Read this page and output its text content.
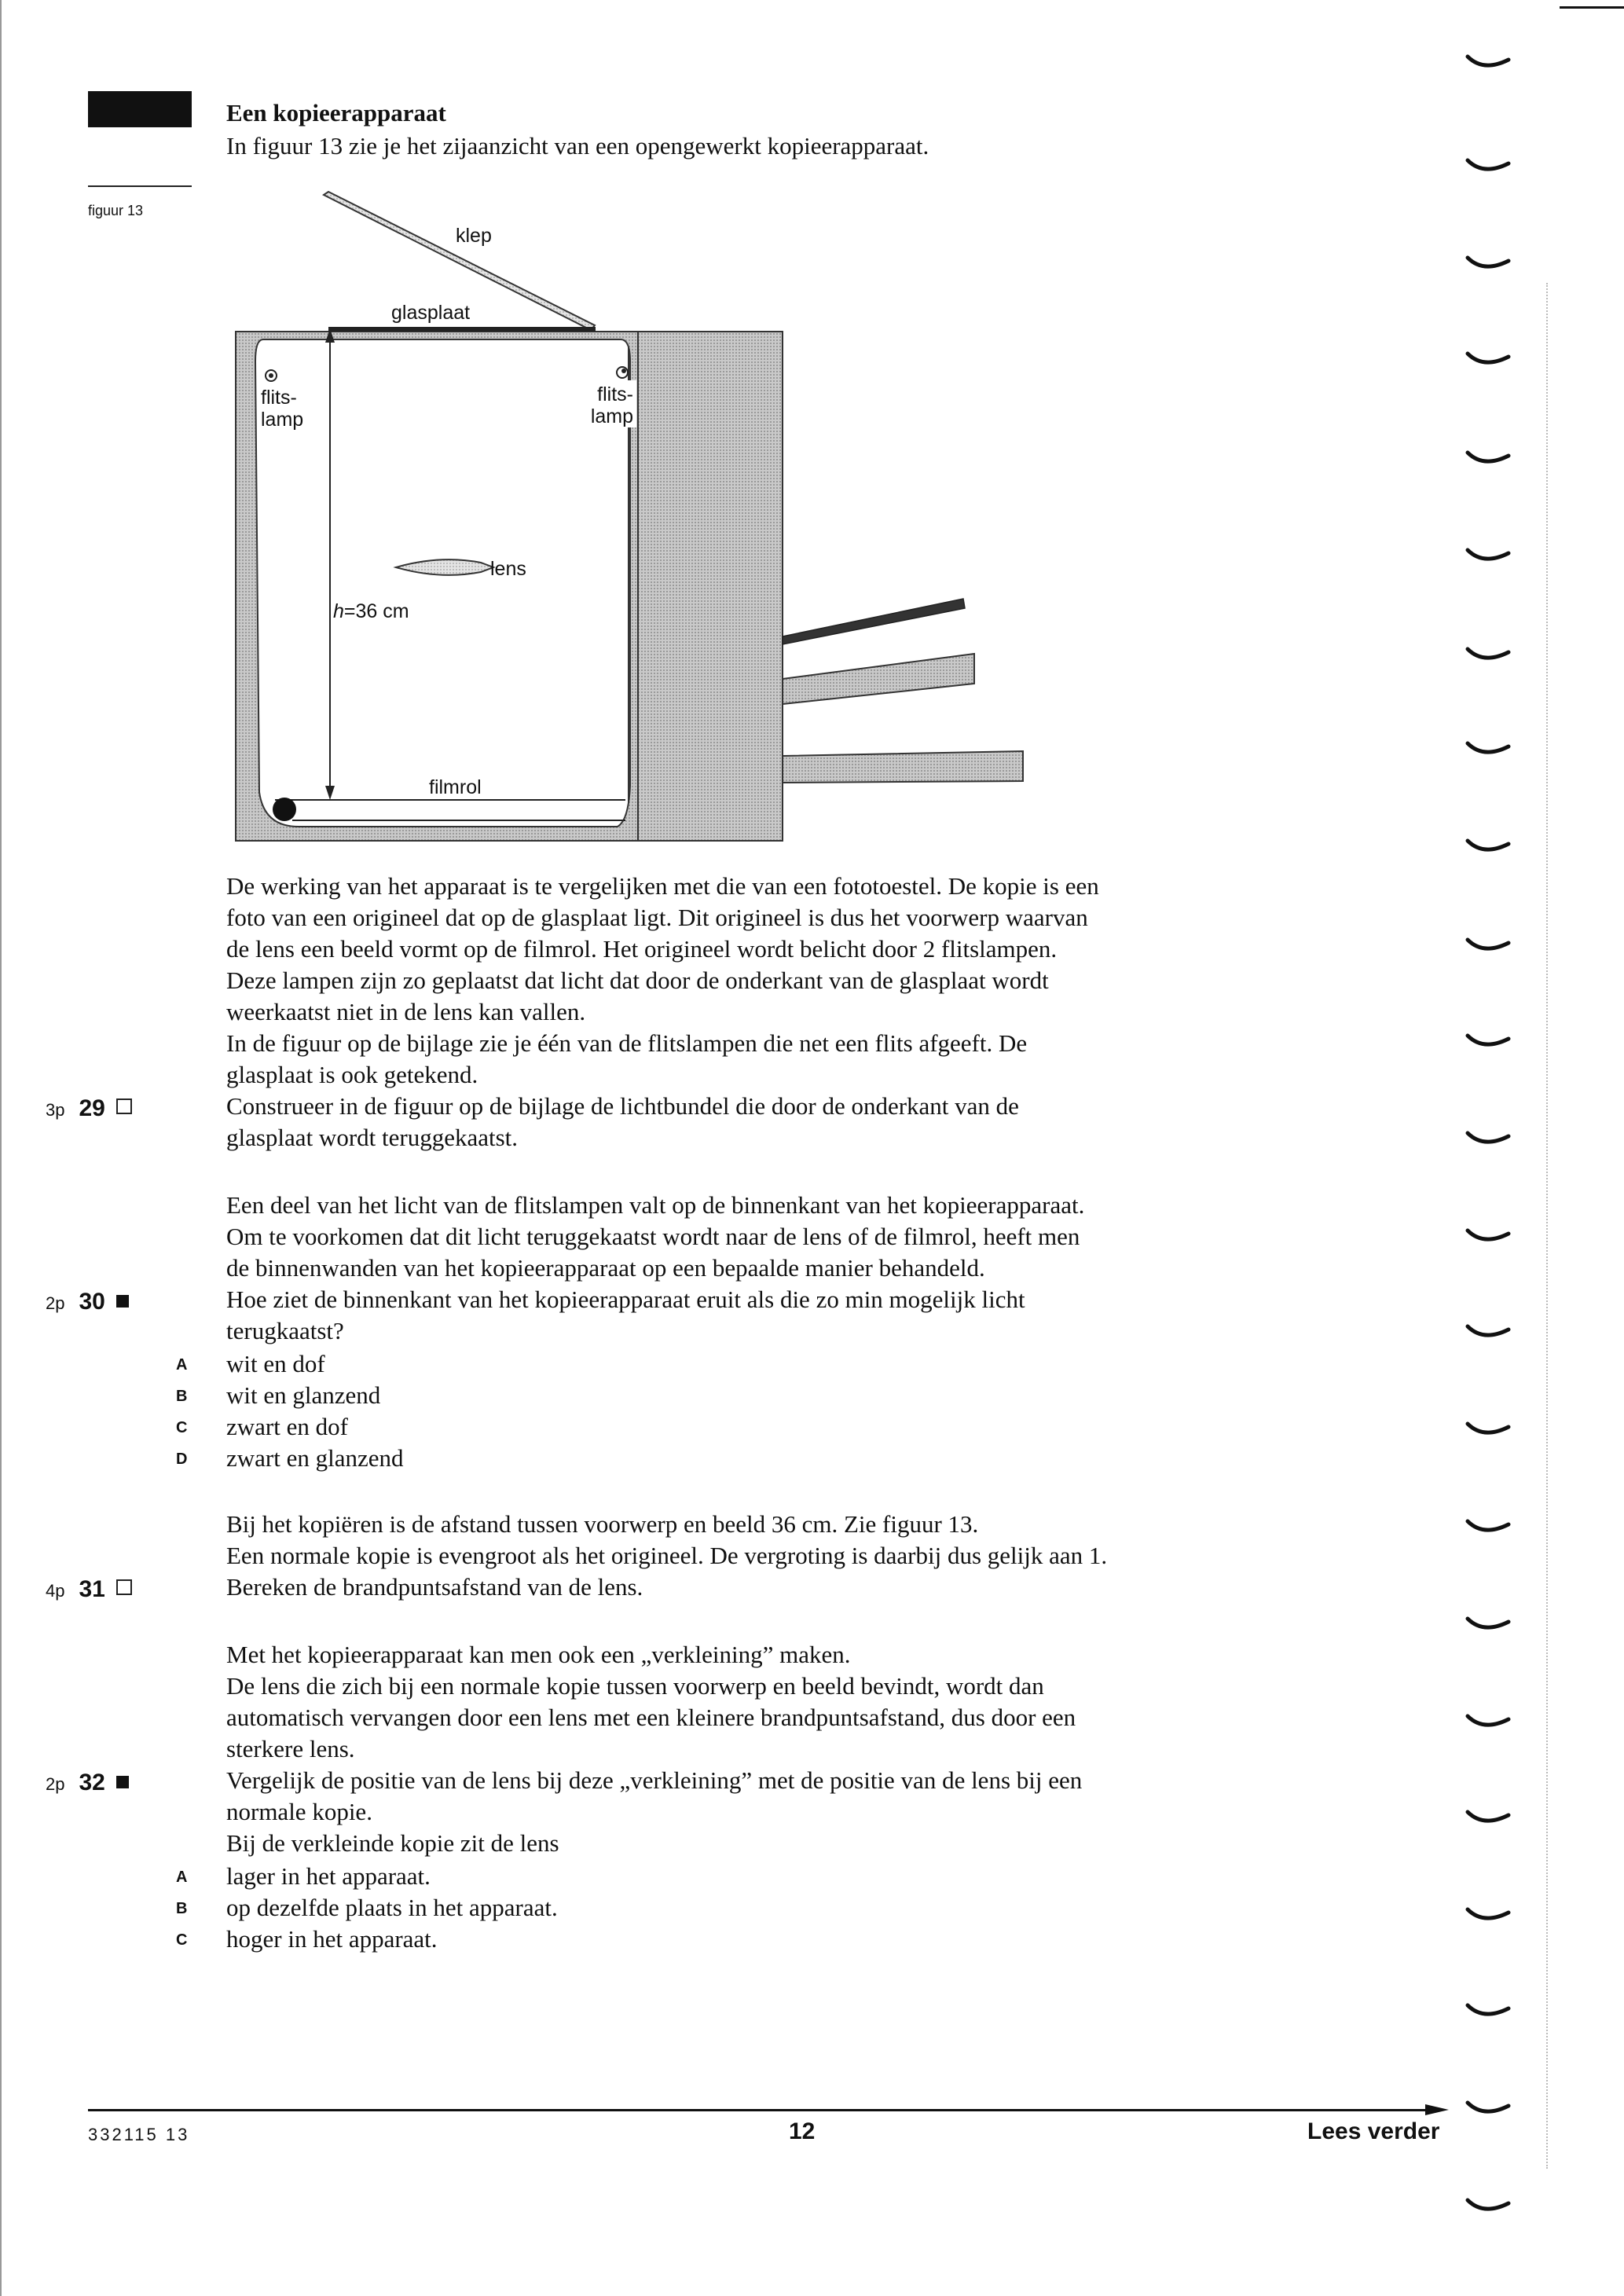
Een kopieerapparaat
In figuur 13 zie je het zijaanzicht van een opengewerkt kopieerapparaat.
figuur 13
klep
glasplaat
flits-
lamp
flits-
lamp
lens
h=36 cm
filmrol
De werking van het apparaat is te vergelijken met die van een fototoestel. De kopie is een
foto van een origineel dat op de glasplaat ligt. Dit origineel is dus het voorwerp waarvan
de lens een beeld vormt op de filmrol. Het origineel wordt belicht door 2 flitslampen.
Deze lampen zijn zo geplaatst dat licht dat door de onderkant van de glasplaat wordt
weerkaatst niet in de lens kan vallen.
In de figuur op de bijlage zie je één van de flitslampen die net een flits afgeeft. De
glasplaat is ook getekend.
3p 29	Construeer in de figuur op de bijlage de lichtbundel die door de onderkant van de
glasplaat wordt teruggekaatst.
Een deel van het licht van de flitslampen valt op de binnenkant van het kopieerapparaat.
Om te voorkomen dat dit licht teruggekaatst wordt naar de lens of de filmrol, heeft men
de binnenwanden van het kopieerapparaat op een bepaalde manier behandeld.
2p 30	Hoe ziet de binnenkant van het kopieerapparaat eruit als die zo min mogelijk licht
terugkaatst?
A	wit en dof
B	wit en glanzend
C	zwart en dof
D	zwart en glanzend
Bij het kopiëren is de afstand tussen voorwerp en beeld 36 cm. Zie figuur 13.
Een normale kopie is evengroot als het origineel. De vergroting is daarbij dus gelijk aan 1.
4p 31	Bereken de brandpuntsafstand van de lens.
Met het kopieerapparaat kan men ook een „verkleining” maken.
De lens die zich bij een normale kopie tussen voorwerp en beeld bevindt, wordt dan
automatisch vervangen door een lens met een kleinere brandpuntsafstand, dus door een
sterkere lens.
2p 32	Vergelijk de positie van de lens bij deze „verkleining” met de positie van de lens bij een
normale kopie.
Bij de verkleinde kopie zit de lens
A	lager in het apparaat.
B	op dezelfde plaats in het apparaat.
C	hoger in het apparaat.
332115 13	12	Lees verder
